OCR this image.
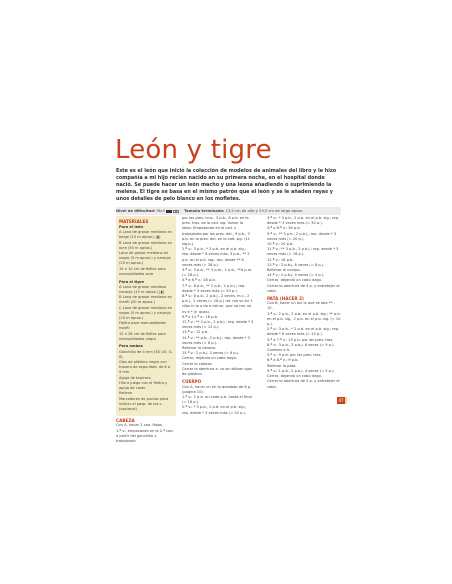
León y tigre

Este es el león que inició la colección de modelos de animales del libro y le hizo compañía a mi hijo recién nacido en su primera noche, en el hospital donde nació. Se puede hacer un león macho y una leona añadiendo o suprimiendo la melena. El tigre se basa en el mismo patrón que el león y se le añaden rayas y unos detalles de pelo blanco en los mofletes.

Nivel de dificultad: Fácil	Tamaño terminado: 13,5 cm de alto y 23,5 cm de largo aprox.
MATERIALES
Para el león

A Lana de grosor mediano en beige (15 m aprox.) [▮]

B Lana de grosor mediano en ocre (50 m aprox.)

Lana de grosor mediano en negro (5 m aprox.) y naranja (20 m aprox.)

15 x 10 cm de fieltro para manualidades ocre

Para el tigre

A Lana de grosor mediano naranja (15 m aprox.) [▮]

B Lana de grosor mediano en marfil (20 m aprox.)

C Lana de grosor mediano en negro (5 m aprox.) y naranja (20 m aprox.)

Fieltro para manualidades marfil

12 x 28 cm de fieltro para manualidades negro

Para ambos

Ganchillo de 4 mm (ES UU, G-6)

Ojos de plástico negro con trasera de seguridad, de 8 o 9 mm

Aguja de tapicero

Hilo a juego con el fieltro y aguja de coser

Relleno

Marcadores de puntos para indicar el pasp. de los c. (opcional)

CABEZA

Con A, hacer 2 cad. flojas.

1.ª v.: empezando en la 2.ª cad. a partir del ganchillo y trabajando

por las pres. trus., 3 p.b., 8 p.b. en la pres. tras. de la cad. sig. Volver la labor. Empezando en la cad. y trabajando por las pres. del., 9 p.b., 3 p.b. en la pres. del. en la cad. sig. (11 sig.p.).

2.ª v.: 3 p.b., * 2 p.b. en el p.b. sig.; rep. desde * 6 veces más, 3 p.b., ** 2 p.b. en el p.b. sig.; rep. desde ** 8 veces más (= 28 p.).

3.ª v.: 3 p.b., ** 3 p.m., 1 p.b., **4 p.m. (= 28 p.).

4.ª a 6.ª v.: 28 p.b.

7.ª v.: 8 p.b., ** 2 p.b., 2 p.b.j.; rep. desde * 3 veces más (= 20 p.).

8.ª v.: 8 p.b., 2 p.b.j., 2 veces, m.c., 2 p.b.j., 2 veces (= 18 p.) ref. mo su lor 1 cilos nl lo o do o calnor, que no nec ua nv e * (lr quas).

9.ª a 11.ª v.: 18 p.b.

12.ª v.: ** 2 p.b., 2 p.b.j.; rep. desde * 3 veces más (= 12 p.).

13.ª v.: 12 p.b.

14.ª v.: ** p.b., 2 p.b.j.; rep. desde * 3 veces más (= 6 p.).

Rellenar la cabeza.

15.ª v.: 2 p.b.j. 3 veces (= 6 p.).

Cerrar, dejando un cabo largo.

Cerrar la cabeza.

Cerrar la abertura a. co se utilizan ojos de plástico.

CUERPO

Con A, hacer un en la quedado de 8 p. (pagina 10).

1.ª v.: 2 p.b. en cada p.b. hasta el final (= 16 p.).

2.ª v.: * 3 p.b., 2 p.b. en el p.b. sig.; rep. desde * 3 veces más (= 20 p.).

3.ª v.: * 3 p.b., 2 p.b. en el p.b. sig.; rep. desde * 3 veces más (= 30 p.).

4.ª a 8.ª v.: 30 p.b.

9.ª v.: ** 3 p.b., 2 p.b.j.; rep. desde * 3 veces más (= 20 p.).

10.ª v.: 20 p.b.

11.ª v.: ** 3 p.b., 2 p.b.j.; rep. desde * 3 veces más (= 16 p.).

12.ª v.: 16 p.b.

13.ª v.: 2 p.b.j. 8 veces (= 8 p.).

Rellenar el cuerpo.

14.ª v.: 2 p.b.j. 4 veces (= 4 p.).

Cerrar, dejando un cabo largo.

Cerrar la abertura de 4 p. y entretejer el cabo.

PATA (HACER 2)

Con B, hacer un ani lo que se obe ** - 10.

1.ª v.: 2 p.b., 2 p.b. en el p.b. sig.; ** p.b. en el p.b. sig., 2 p.b. en el p.b. sig. (= 10 p.).

2.ª v.: 3 p.b., * 2 p.b. en el p.b. sig.; rep. desde * 6 veces más (= 15 p.).

3.ª a 7.ª v.: 15 p.b. por las pres. tras.

8.ª v.: 3 p.b., 2 p.b.j. 6 veces (= 9 p.).

Cambiar a A.

5.ª v.: 9 p.b. por las pres. tras.

6.ª a 8.ª v.: 9 p.b.

Rellenar la pata.

9.ª v.: 1 p.b., 2 p.b.j. 4 veces (= 5 p.).

Cerrar, dejando un cabo largo.

Cerrar la abertura de 5 p. y entretejer el cabo.

47
